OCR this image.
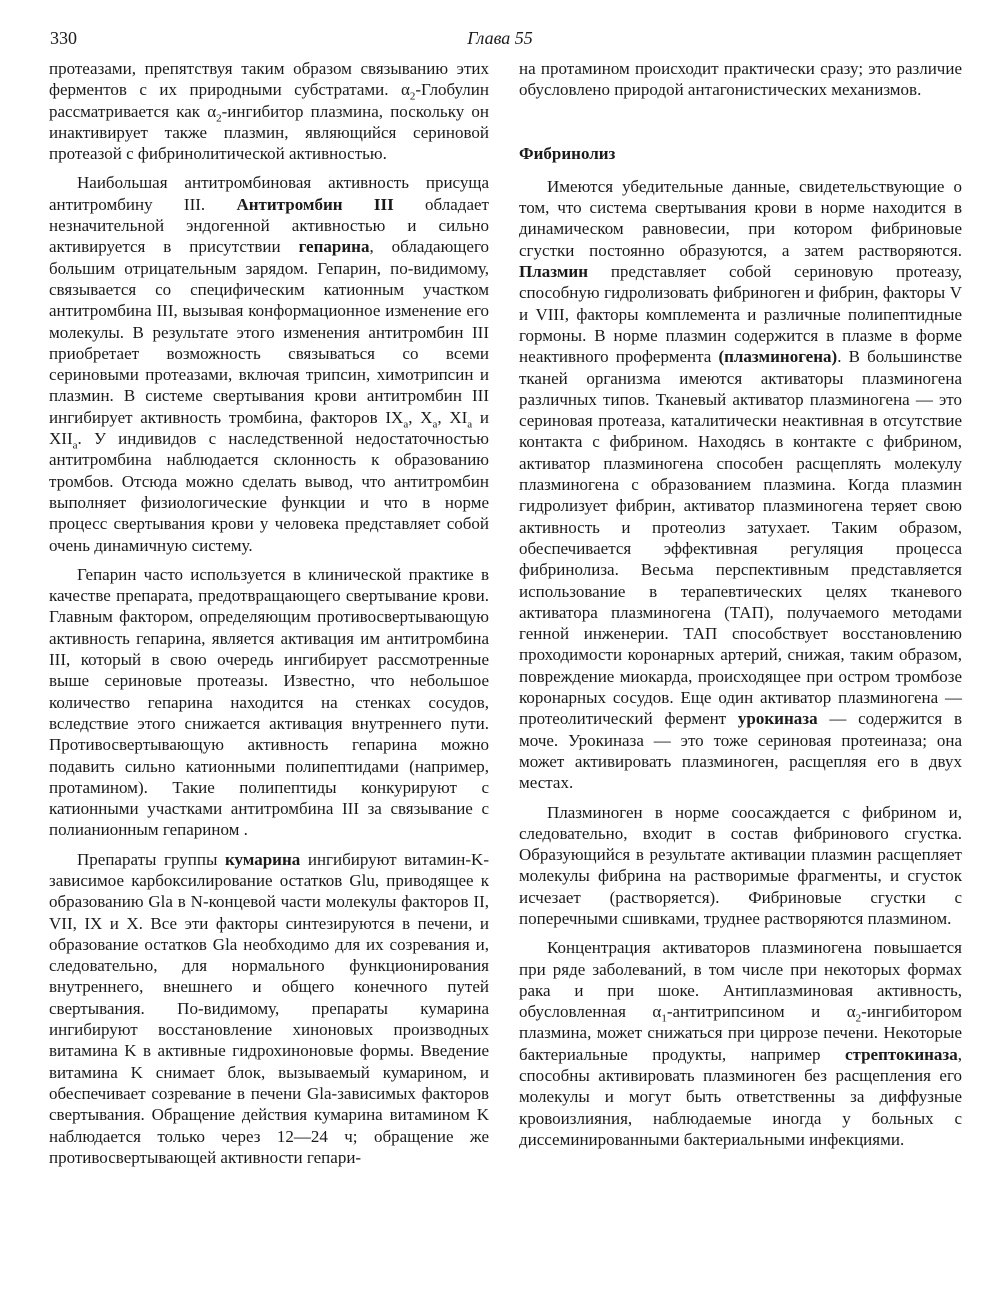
330	Глава 55

протеазами, препятствуя таким образом связыванию этих ферментов с их природными субстратами. $\alpha_2$-Глобулин рассматривается как $\alpha_2$-ингибитор плазмина, поскольку он инактивирует также плазмин, являющийся сериновой протеазой с фибринолитической активностью.

Наибольшая антитромбиновая активность присуща антитромбину III. Антитромбин III обладает незначительной эндогенной активностью и сильно активируется в присутствии гепарина, обладающего большим отрицательным зарядом. Гепарин, по-видимому, связывается со специфическим катионным участком антитромбина III, вызывая конформационное изменение его молекулы. В результате этого изменения антитромбин III приобретает возможность связываться со всеми сериновыми протеазами, включая трипсин, химотрипсин и плазмин. В системе свертывания крови антитромбин III ингибирует активность тромбина, факторов $IX_a$, $X_a$, $XI_a$ и $XII_a$. У индивидов с наследственной недостаточностью антитромбина наблюдается склонность к образованию тромбов. Отсюда можно сделать вывод, что антитромбин выполняет физиологические функции и что в норме процесс свертывания крови у человека представляет собой очень динамичную систему.

Гепарин часто используется в клинической практике в качестве препарата, предотвращающего свертывание крови. Главным фактором, определяющим противосвертывающую активность гепарина, является активация им антитромбина III, который в свою очередь ингибирует рассмотренные выше сериновые протеазы. Известно, что небольшое количество гепарина находится на стенках сосудов, вследствие этого снижается активация внутреннего пути. Противосвертывающую активность гепарина можно подавить сильно катионными полипептидами (например, протамином). Такие полипептиды конкурируют с катионными участками антитромбина III за связывание с полианионным гепарином .

Препараты группы кумарина ингибируют витамин-K-зависимое карбоксилирование остатков Glu, приводящее к образованию Gla в N-концевой части молекулы факторов II, VII, IX и X. Все эти факторы синтезируются в печени, и образование остатков Gla необходимо для их созревания и, следовательно, для нормального функционирования внутреннего, внешнего и общего конечного путей свертывания. По-видимому, препараты кумарина ингибируют восстановление хиноновых производных витамина K в активные гидрохиноновые формы. Введение витамина K снимает блок, вызываемый кумарином, и обеспечивает созревание в печени Gla-зависимых факторов свертывания. Обращение действия кумарина витамином K наблюдается только через 12—24 ч; обращение же противосвертывающей активности гепари-

на протамином происходит практически сразу; это различие обусловлено природой антагонистических механизмов.

Фибринолиз

Имеются убедительные данные, свидетельствующие о том, что система свертывания крови в норме находится в динамическом равновесии, при котором фибриновые сгустки постоянно образуются, а затем растворяются. Плазмин представляет собой сериновую протеазу, способную гидролизовать фибриноген и фибрин, факторы V и VIII, факторы комплемента и различные полипептидные гормоны. В норме плазмин содержится в плазме в форме неактивного профермента (плазминогена). В большинстве тканей организма имеются активаторы плазминогена различных типов. Тканевый активатор плазминогена — это сериновая протеаза, каталитически неактивная в отсутствие контакта с фибрином. Находясь в контакте с фибрином, активатор плазминогена способен расщеплять молекулу плазминогена с образованием плазмина. Когда плазмин гидролизует фибрин, активатор плазминогена теряет свою активность и протеолиз затухает. Таким образом, обеспечивается эффективная регуляция процесса фибринолиза. Весьма перспективным представляется использование в терапевтических целях тканевого активатора плазминогена (ТАП), получаемого методами генной инженерии. ТАП способствует восстановлению проходимости коронарных артерий, снижая, таким образом, повреждение миокарда, происходящее при остром тромбозе коронарных сосудов. Еще один активатор плазминогена — протеолитический фермент урокиназа — содержится в моче. Урокиназа — это тоже сериновая протеиназа; она может активировать плазминоген, расщепляя его в двух местах.

Плазминоген в норме соосаждается с фибрином и, следовательно, входит в состав фибринового сгустка. Образующийся в результате активации плазмин расщепляет молекулы фибрина на растворимые фрагменты, и сгусток исчезает (растворяется). Фибриновые сгустки с поперечными сшивками, труднее растворяются плазмином.

Концентрация активаторов плазминогена повышается при ряде заболеваний, в том числе при некоторых формах рака и при шоке. Антиплазминовая активность, обусловленная $\alpha_1$-антитрипсином и $\alpha_2$-ингибитором плазмина, может снижаться при циррозе печени. Некоторые бактериальные продукты, например стрептокиназа, способны активировать плазминоген без расщепления его молекулы и могут быть ответственны за диффузные кровоизлияния, наблюдаемые иногда у больных с диссеминированными бактериальными инфекциями.
